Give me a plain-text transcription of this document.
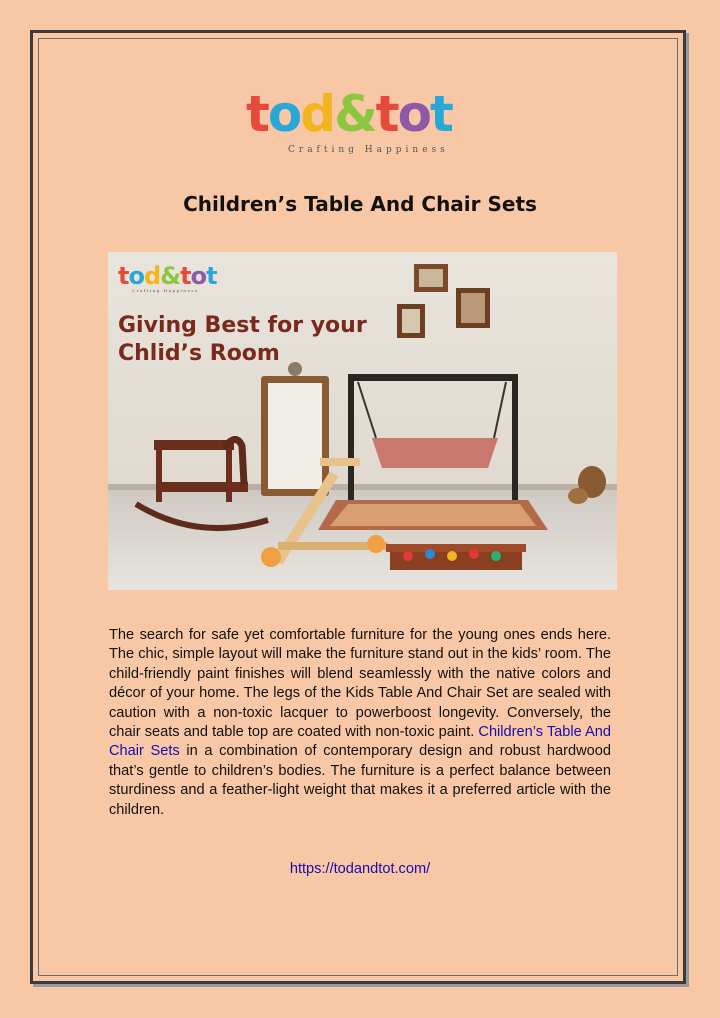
tod&tot
Crafting Happiness
Children’s Table And Chair Sets
tod&tot
Crafting Happiness
Giving Best for your
Chlid’s Room
The search for safe yet comfortable furniture for the young ones ends here. The chic, simple layout will make the furniture stand out in the kids’ room. The child-friendly paint finishes will blend seamlessly with the native colors and décor of your home. The legs of the Kids Table And Chair Set are sealed with caution with a non-toxic lacquer to powerboost longevity. Conversely, the chair seats and table top are coated with non-toxic paint. Children’s Table And Chair Sets in a combination of contemporary design and robust hardwood that’s gentle to children’s bodies. The furniture is a perfect balance between sturdiness and a feather-light weight that makes it a preferred article with the children.
https://todandtot.com/
